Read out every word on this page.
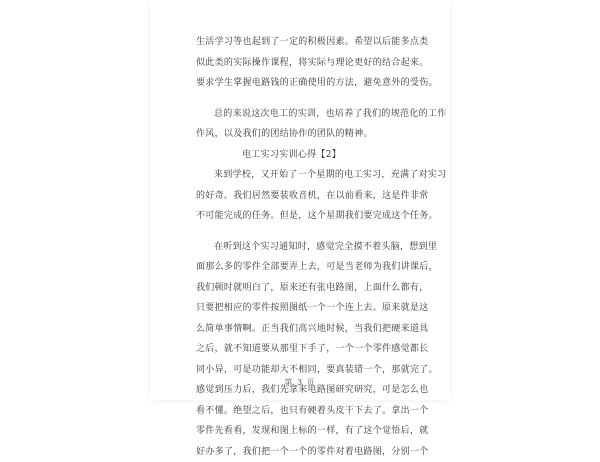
生活学习等也起到了一定的积极因素。希望以后能多点类
似此类的实际操作课程，将实际与理论更好的结合起来。
要求学生掌握电路钱的正确使用的方法，避免意外的受伤。
总的来说这次电工的实训，也培养了我们的规范化的工作
作风，以及我们的团结协作的团队的精神。
电工实习实训心得【2】
来到学校，又开始了一个星期的电工实习，充满了对实习
的好奇。我们居然要装收音机，在以前看来，这是件非常
不可能完成的任务。但是，这个星期我们要完成这个任务。
在听到这个实习通知时，感觉完全摸不着头脑，想到里
面那么多的零件全部要弄上去，可是当老师为我们讲课后，
我们顿时就明白了，原来还有张电路图，上面什么都有，
只要把相应的零件按照图纸一个一个连上去。原来就是这
么简单事情啊。正当我们高兴地时候，当我们把硬来道具
之后，就不知道要从那里下手了，一个一个零件感觉都长
同小异，可是功能却大不相同，要真装错一个，那就完了。
感觉到压力后，我们先拿来电路图研究研究，可是怎么也
看不懂。绝望之后，也只有硬着头皮干下去了。拿出一个
零件先看看，发现和图上标的一样，有了这个觉悟后，就
好办多了，我们把一个一个的零件对着电路图，分别一个
第 3 页
